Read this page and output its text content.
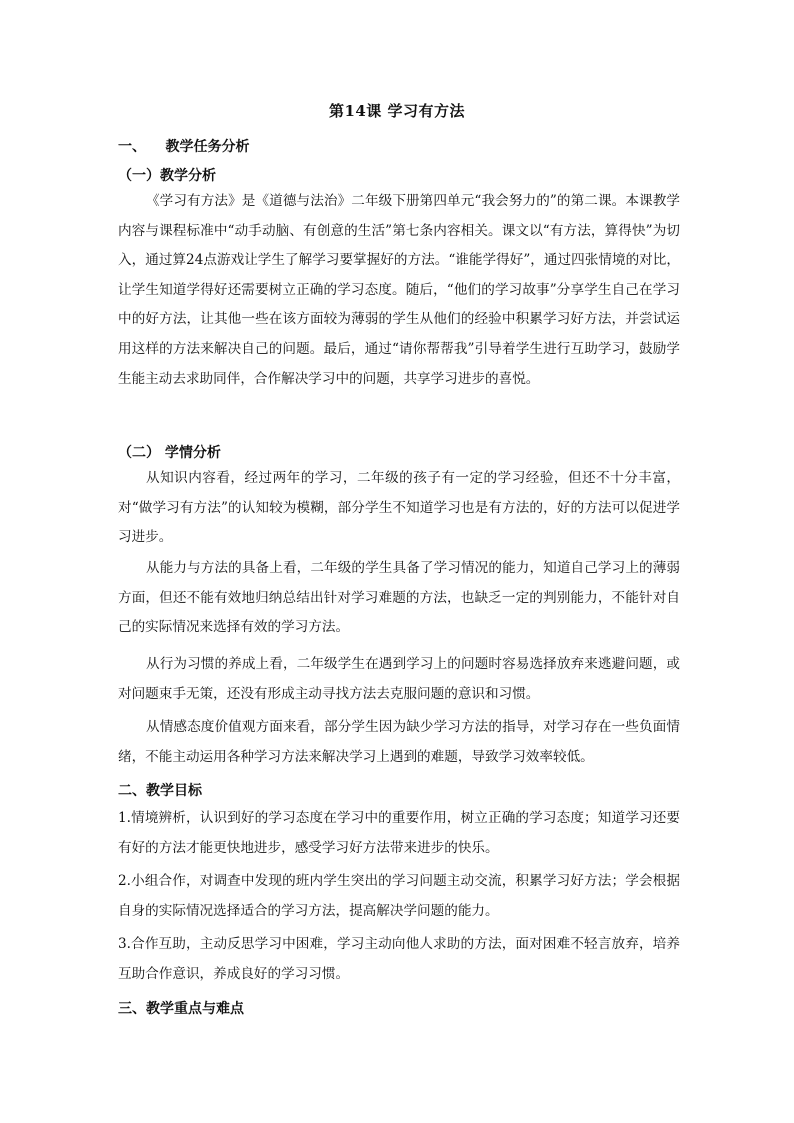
第14课 学习有方法
一、    教学任务分析
（一）教学分析

《学习有方法》是《道德与法治》二年级下册第四单元“我会努力的”的第二课。本课教学内容与课程标准中“动手动脑、有创意的生活”第七条内容相关。课文以“有方法，算得快”为切入，通过算24点游戏让学生了解学习要掌握好的方法。“谁能学得好”，通过四张情境的对比，让学生知道学得好还需要树立正确的学习态度。随后，“他们的学习故事”分享学生自己在学习中的好方法，让其他一些在该方面较为薄弱的学生从他们的经验中积累学习好方法，并尝试运用这样的方法来解决自己的问题。最后，通过“请你帮帮我”引导着学生进行互助学习，鼓励学生能主动去求助同伴，合作解决学习中的问题，共享学习进步的喜悦。

（二） 学情分析

从知识内容看，经过两年的学习，二年级的孩子有一定的学习经验，但还不十分丰富，对“做学习有方法”的认知较为模糊，部分学生不知道学习也是有方法的，好的方法可以促进学习进步。

从能力与方法的具备上看，二年级的学生具备了学习情况的能力，知道自己学习上的薄弱方面，但还不能有效地归纳总结出针对学习难题的方法，也缺乏一定的判别能力，不能针对自己的实际情况来选择有效的学习方法。

从行为习惯的养成上看，二年级学生在遇到学习上的问题时容易选择放弃来逃避问题，或对问题束手无策，还没有形成主动寻找方法去克服问题的意识和习惯。

从情感态度价值观方面来看，部分学生因为缺少学习方法的指导，对学习存在一些负面情绪，不能主动运用各种学习方法来解决学习上遇到的难题，导致学习效率较低。

二、教学目标

1.情境辨析，认识到好的学习态度在学习中的重要作用，树立正确的学习态度；知道学习还要有好的方法才能更快地进步，感受学习好方法带来进步的快乐。

2.小组合作，对调查中发现的班内学生突出的学习问题主动交流，积累学习好方法；学会根据自身的实际情况选择适合的学习方法，提高解决学问题的能力。

3.合作互助，主动反思学习中困难，学习主动向他人求助的方法，面对困难不轻言放弃，培养互助合作意识，养成良好的学习习惯。

三、教学重点与难点
